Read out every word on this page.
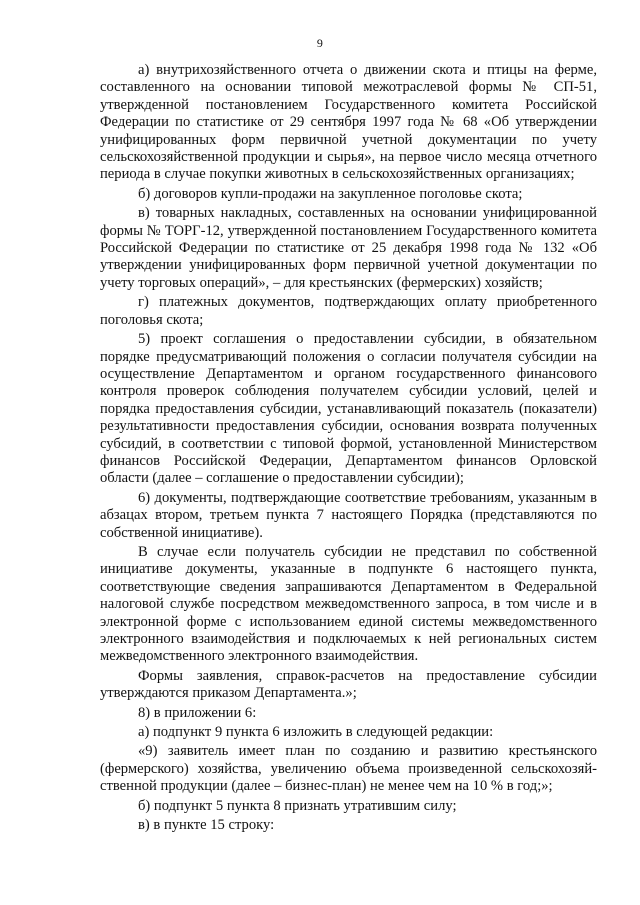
9

а) внутрихозяйственного отчета о движении скота и птицы на ферме, составленного на основании типовой межотраслевой формы № СП-51, утвержденной постановлением Государственного комитета Российской Федерации по статистике от 29 сентября 1997 года № 68 «Об утверждении унифицированных форм первичной учетной документации по учету сельскохозяйственной продукции и сырья», на первое число месяца отчетного периода в случае покупки животных в сельскохозяйственных организациях;

б) договоров купли-продажи на закупленное поголовье скота;

в) товарных накладных, составленных на основании унифицированной формы № ТОРГ-12, утвержденной постановлением Государственного комитета Российской Федерации по статистике от 25 декабря 1998 года № 132 «Об утверждении унифицированных форм первичной учетной документации по учету торговых операций», – для крестьянских (фермерских) хозяйств;

г) платежных документов, подтверждающих оплату приобретенного поголовья скота;

5) проект соглашения о предоставлении субсидии, в обязательном порядке предусматривающий положения о согласии получателя субсидии на осуществление Департаментом и органом государственного финансового контроля проверок соблюдения получателем субсидии условий, целей и порядка предоставления субсидии, устанавливающий показатель (показатели) результативности предоставления субсидии, основания возврата полученных субсидий, в соответствии с типовой формой, установленной Министерством финансов Российской Федерации, Департаментом финансов Орловской области (далее – соглашение о предоставлении субсидии);

6) документы, подтверждающие соответствие требованиям, указанным в абзацах втором, третьем пункта 7 настоящего Порядка (представляются по собственной инициативе).

В случае если получатель субсидии не представил по собственной инициативе документы, указанные в подпункте 6 настоящего пункта, соответствующие сведения запрашиваются Департаментом в Федеральной налоговой службе посредством межведомственного запроса, в том числе и в электронной форме с использованием единой системы межведомственного электронного взаимодействия и подключаемых к ней региональных систем межведомственного электронного взаимодействия.

Формы заявления, справок-расчетов на предоставление субсидии утверждаются приказом Департамента.»;

8) в приложении 6:

а) подпункт 9 пункта 6 изложить в следующей редакции:

«9) заявитель имеет план по созданию и развитию крестьянского (фермерского) хозяйства, увеличению объема произведенной сельскохозяй-ственной продукции (далее – бизнес-план) не менее чем на 10 % в год;»;

б) подпункт 5 пункта 8 признать утратившим силу;

в) в пункте 15 строку:
